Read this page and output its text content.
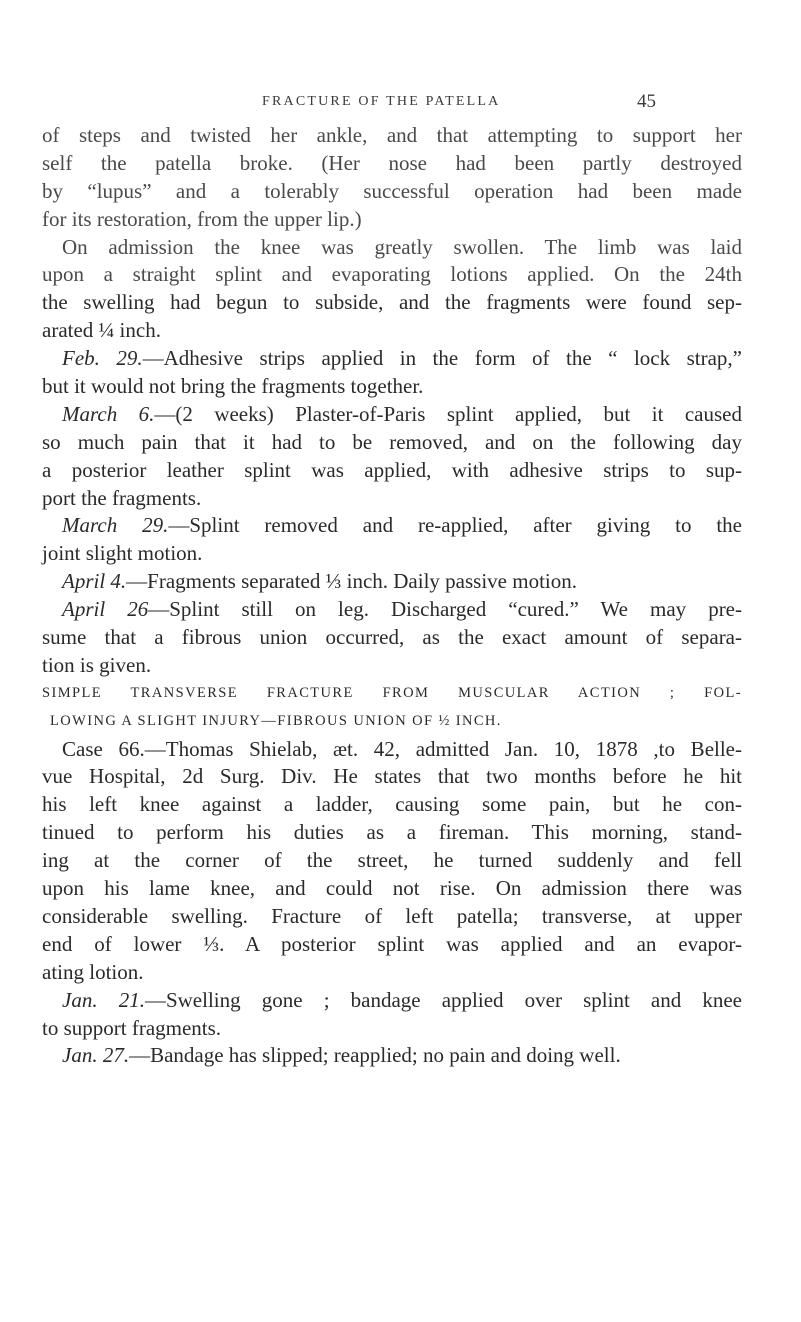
FRACTURE OF THE PATELLA	45
of steps and twisted her ankle, and that attempting to support her
self the patella broke. (Her nose had been partly destroyed
by “lupus” and a tolerably successful operation had been made
for its restoration, from the upper lip.)
On admission the knee was greatly swollen. The limb was laid
upon a straight splint and evaporating lotions applied. On the 24th
the swelling had begun to subside, and the fragments were found sep-
arated ¼ inch.
Feb. 29.—Adhesive strips applied in the form of the “ lock strap,”
but it would not bring the fragments together.
March 6.—(2 weeks) Plaster-of-Paris splint applied, but it caused
so much pain that it had to be removed, and on the following day
a posterior leather splint was applied, with adhesive strips to sup-
port the fragments.
March 29.—Splint removed and re-applied, after giving to the
joint slight motion.
April 4.—Fragments separated ⅓ inch. Daily passive motion.
April 26—Splint still on leg. Discharged “cured.” We may pre-
sume that a fibrous union occurred, as the exact amount of separa-
tion is given.
SIMPLE TRANSVERSE FRACTURE FROM MUSCULAR ACTION ; FOL-
LOWING A SLIGHT INJURY—FIBROUS UNION OF ½ INCH.
Case 66.—Thomas Shielab, æt. 42, admitted Jan. 10, 1878 ,to Belle-
vue Hospital, 2d Surg. Div. He states that two months before he hit
his left knee against a ladder, causing some pain, but he con-
tinued to perform his duties as a fireman. This morning, stand-
ing at the corner of the street, he turned suddenly and fell
upon his lame knee, and could not rise. On admission there was
considerable swelling. Fracture of left patella; transverse, at upper
end of lower ⅓. A posterior splint was applied and an evapor-
ating lotion.
Jan. 21.—Swelling gone ; bandage applied over splint and knee
to support fragments.
Jan. 27.—Bandage has slipped; reapplied; no pain and doing well.
